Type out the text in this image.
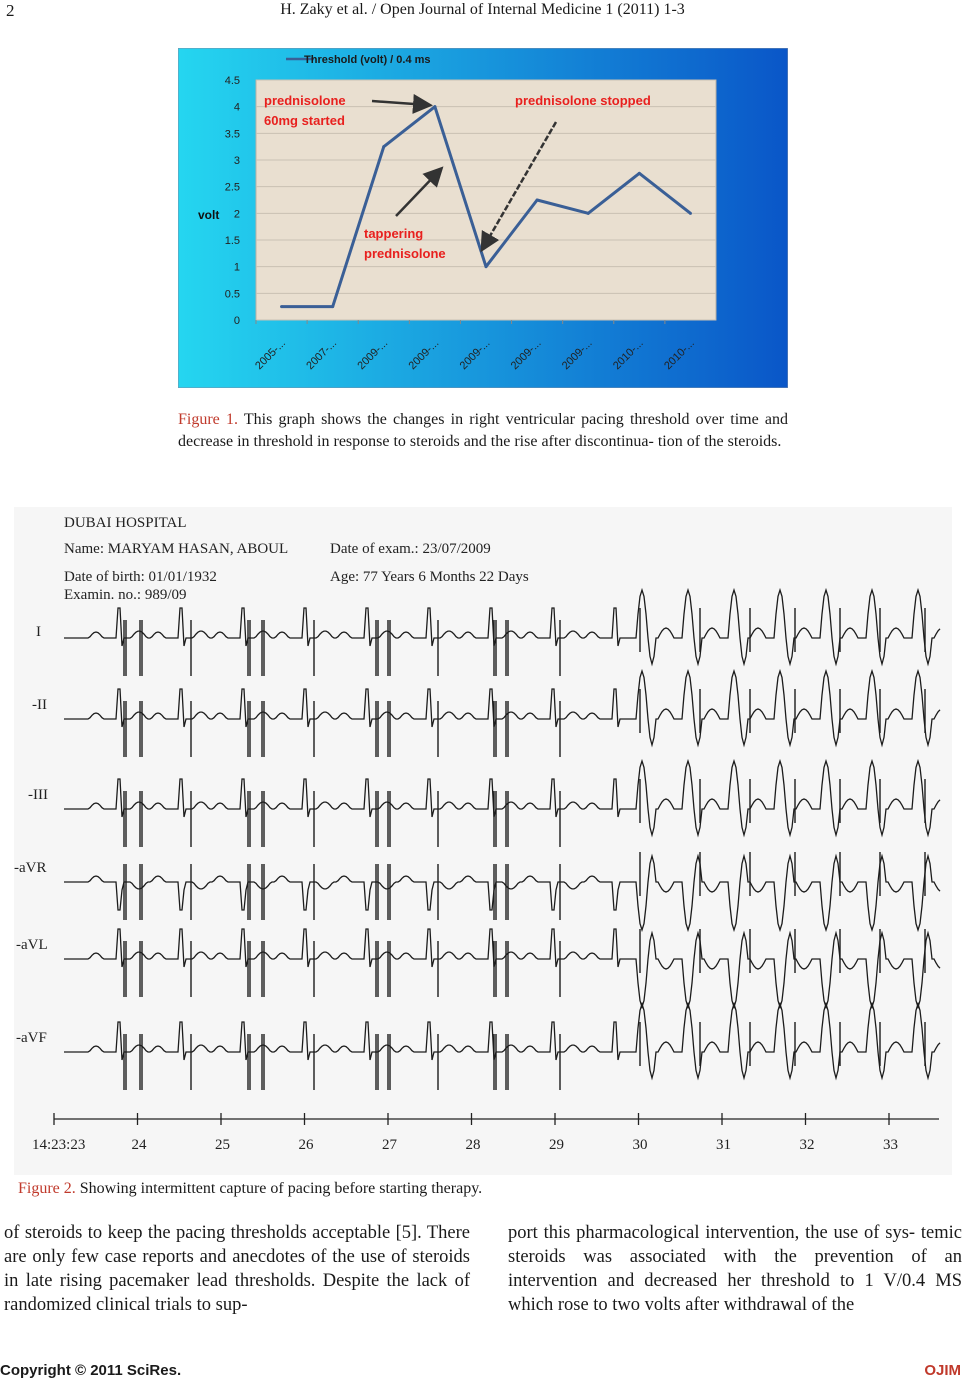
2	H. Zaky et al. / Open Journal of Internal Medicine 1 (2011) 1-3
0
0.5
1
1.5
2
2.5
3
3.5
4
4.5
2005-... 2007-... 2009-... 2009-... 2009-... 2009-... 2009-... 2010-... 2010-...
Threshold (volt) / 0.4 ms
volt
prednisolone
60mg started
prednisolone stopped
tappering
prednisolone
Figure 1. This graph shows the changes in right ventricular pacing threshold over time and decrease in threshold in response to steroids and the rise after discontinua- tion of the steroids.
DUBAI HOSPITAL
Name: MARYAM HASAN, ABOUL	Date of exam.: 23/07/2009
Date of birth: 01/01/1932	Age: 77 Years 6 Months 22 Days
Examin. no.: 989/09
I
-II
-III
-aVR
-aVL
-aVF
14:23:23	24	25	26	27	28	29	30	31	32	33
Figure 2. Showing intermittent capture of pacing before starting therapy.
of steroids to keep the pacing thresholds acceptable [5]. There are only few case reports and anecdotes of the use of steroids in late rising pacemaker lead thresholds. Despite the lack of randomized clinical trials to sup-
port this pharmacological intervention, the use of sys- temic steroids was associated with the prevention of an intervention and decreased her threshold to 1 V/0.4 MS which rose to two volts after withdrawal of the
Copyright © 2011 SciRes.	OJIM
